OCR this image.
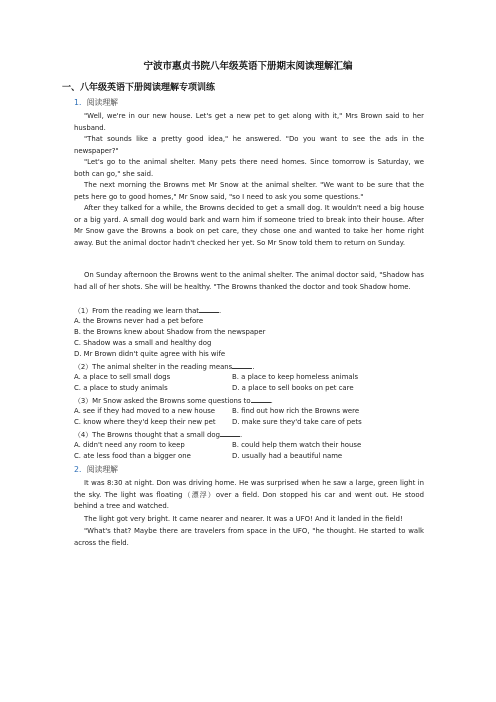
宁波市惠贞书院八年级英语下册期末阅读理解汇编
一、八年级英语下册阅读理解专项训练
1．阅读理解
"Well, we're in our new house. Let's get a new pet to get along with it," Mrs Brown said to her husband.
"That sounds like a pretty good idea," he answered. "Do you want to see the ads in the newspaper?"
"Let's go to the animal shelter. Many pets there need homes. Since tomorrow is Saturday, we both can go," she said.
The next morning the Browns met Mr Snow at the animal shelter. "We want to be sure that the pets here go to good homes," Mr Snow said, "so I need to ask you some questions."
After they talked for a while, the Browns decided to get a small dog. It wouldn't need a big house or a big yard. A small dog would bark and warn him if someone tried to break into their house. After Mr Snow gave the Browns a book on pet care, they chose one and wanted to take her home right away. But the animal doctor hadn't checked her yet. So Mr Snow told them to return on Sunday.
On Sunday afternoon the Browns went to the animal shelter. The animal doctor said, "Shadow has had all of her shots. She will be healthy. "The Browns thanked the doctor and took Shadow home.
（1）From the reading we learn that	.
A. the Browns never had a pet before
B. the Browns knew about Shadow from the newspaper
C. Shadow was a small and healthy dog
D. Mr Brown didn't quite agree with his wife
（2）The animal shelter in the reading means	.
A. a place to sell small dogs	B. a place to keep homeless animals
C. a place to study animals	D. a place to sell books on pet care
（3）Mr Snow asked the Browns some questions to	.
A. see if they had moved to a new house B. find out how rich the Browns were
C. know where they'd keep their new pet D. make sure they'd take care of pets
（4）The Browns thought that a small dog	.
A. didn't need any room to keep	B. could help them watch their house
C. ate less food than a bigger one	D. usually had a beautiful name
2．阅读理解
It was 8:30 at night. Don was driving home. He was surprised when he saw a large, green light in the sky. The light was floating（漂浮）over a field. Don stopped his car and went out. He stood behind a tree and watched.
The light got very bright. It came nearer and nearer. It was a UFO! And it landed in the field!
"What's that? Maybe there are travelers from space in the UFO, "he thought. He started to walk across the field.
